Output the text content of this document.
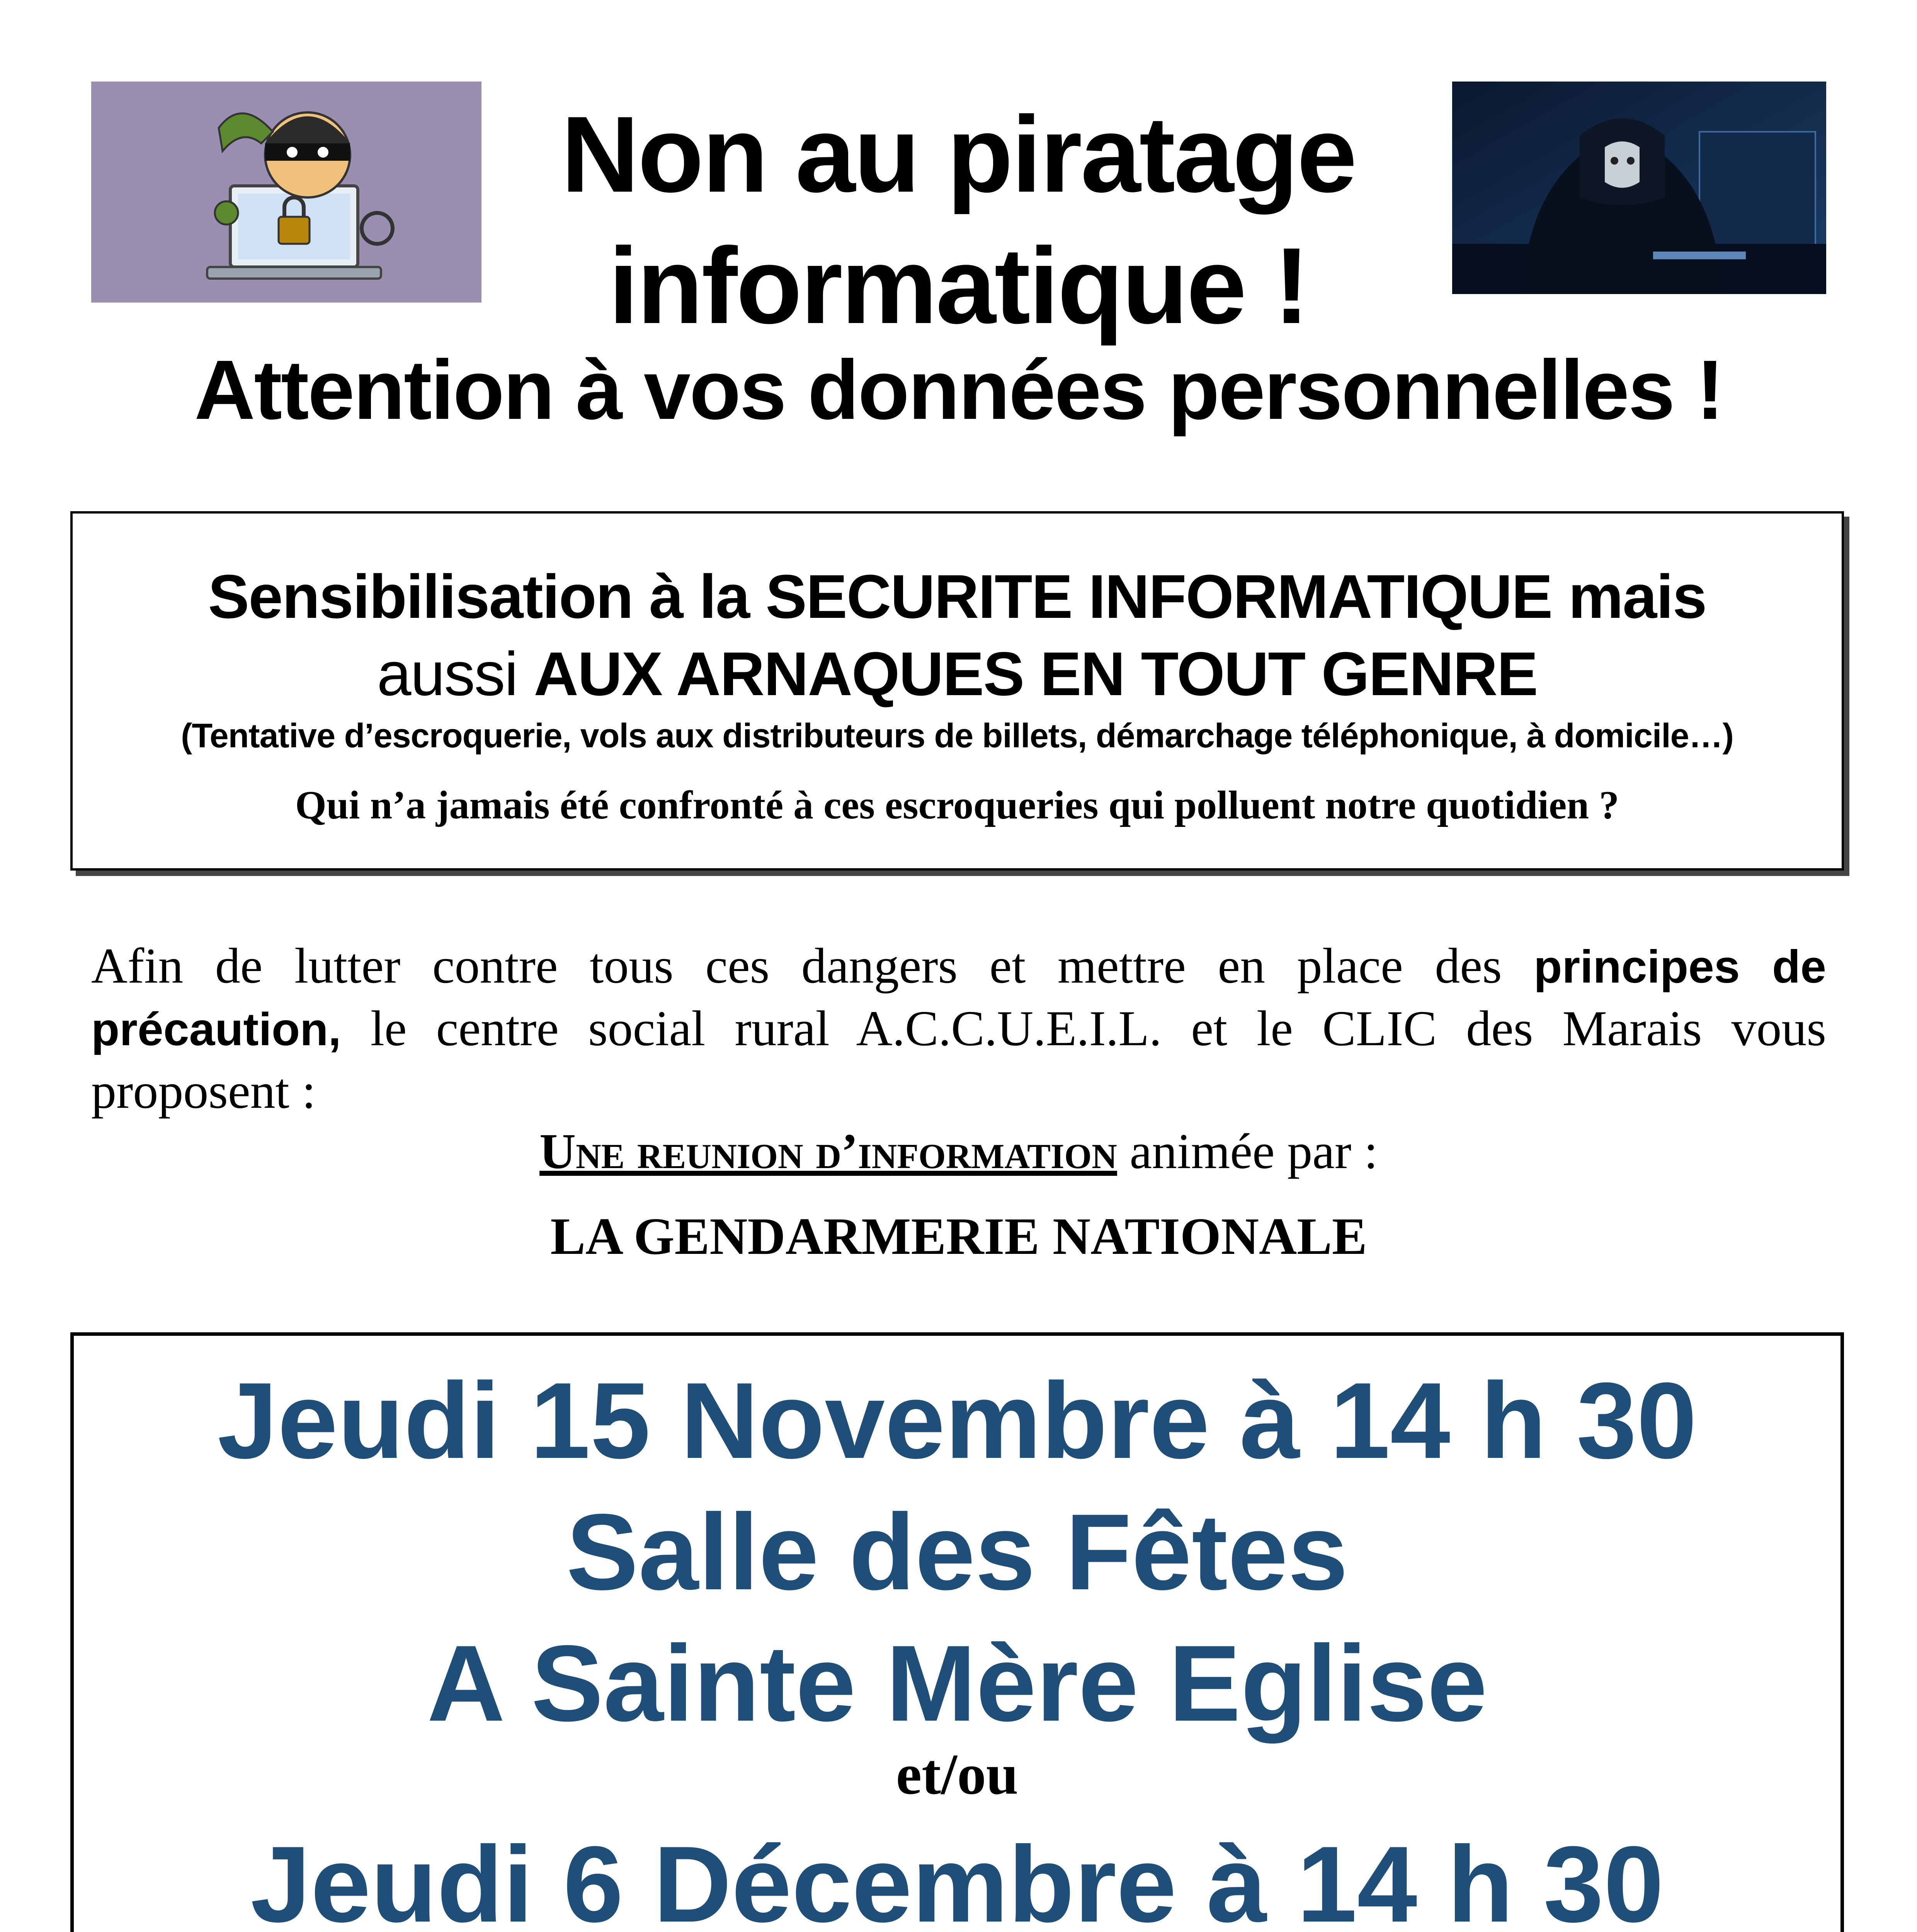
Non au piratage
informatique !
Attention à vos données personnelles !
Sensibilisation à la SECURITE INFORMATIQUE mais
aussi AUX ARNAQUES EN TOUT GENRE
(Tentative d’escroquerie, vols aux distributeurs de billets, démarchage téléphonique, à domicile…)
Qui n’a jamais été confronté à ces escroqueries qui polluent notre quotidien ?
Afin de lutter contre tous ces dangers et mettre en place des principes de précaution, le centre social rural A.C.C.U.E.I.L. et le CLIC des Marais vous proposent :
Une reunion d’information animée par :
LA GENDARMERIE NATIONALE
Jeudi 15 Novembre à 14 h 30
Salle des Fêtes
A Sainte Mère Eglise
et/ou
Jeudi 6 Décembre à 14 h 30
